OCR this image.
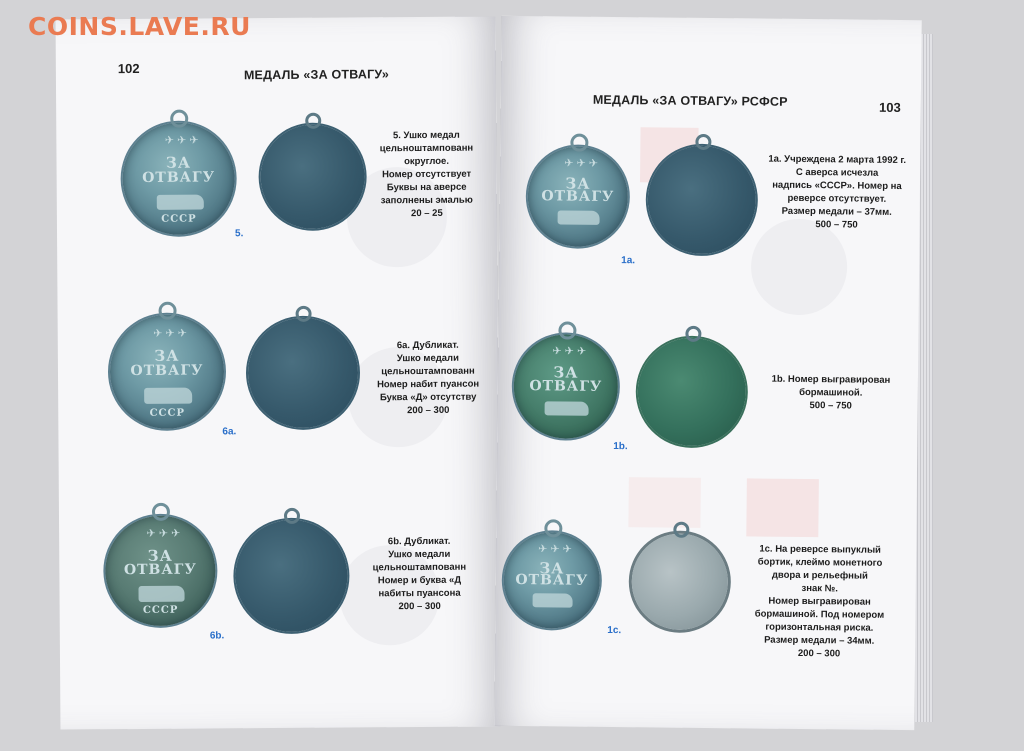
COINS.LAVE.RU
102	МЕДАЛЬ «ЗА ОТВАГУ»
✈ ✈ ✈
ЗА
ОТВАГУ
СССР
5.
5. Ушко медал
цельноштампованн
округлое.
Номер отсутствует
Буквы на аверсе
заполнены эмалью
20 – 25
✈ ✈ ✈
ЗА
ОТВАГУ
СССР
6a.
6a. Дубликат.
Ушко медали
цельноштампованн
Номер набит пуансон
Буква «Д» отсутству
200 – 300
✈ ✈ ✈
ЗА
ОТВАГУ
СССР
6b.
6b. Дубликат.
Ушко медали
цельноштампованн
Номер и буква «Д
набиты пуансона
200 – 300
103
МЕДАЛЬ «ЗА ОТВАГУ» РСФСР
✈ ✈ ✈
ЗА
ОТВАГУ
1a.
1a. Учреждена 2 марта 1992 г.
С аверса исчезла
надпись «СССР». Номер на
реверсе отсутствует.
Размер медали – 37мм.
500 – 750
✈ ✈ ✈
ЗА
ОТВАГУ
1b.
1b. Номер выгравирован
бормашиной.
500 – 750
✈ ✈ ✈
ЗА
ОТВАГУ
1c.
1c. На реверсе выпуклый
бортик, клеймо монетного
двора и рельефный
знак №.
Номер выгравирован
бормашиной. Под номером
горизонтальная риска.
Размер медали – 34мм.
200 – 300
